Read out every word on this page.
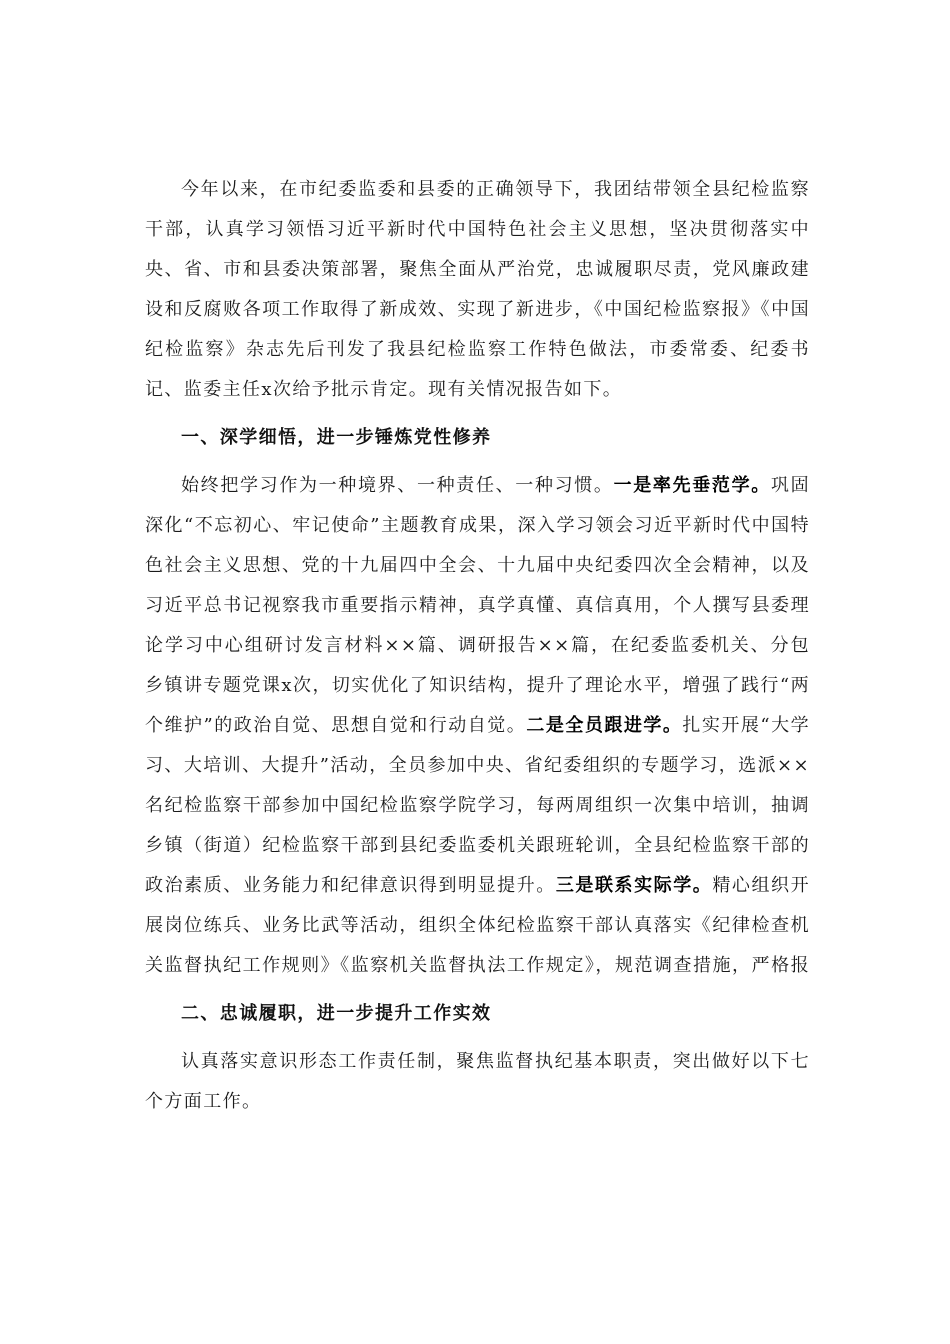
今年以来，在市纪委监委和县委的正确领导下，我团结带领全县纪检监察干部，认真学习领悟习近平新时代中国特色社会主义思想，坚决贯彻落实中央、省、市和县委决策部署，聚焦全面从严治党，忠诚履职尽责，党风廉政建设和反腐败各项工作取得了新成效、实现了新进步，《中国纪检监察报》《中国纪检监察》杂志先后刊发了我县纪检监察工作特色做法，市委常委、纪委书记、监委主任x次给予批示肯定。现有关情况报告如下。

一、深学细悟，进一步锤炼党性修养

始终把学习作为一种境界、一种责任、一种习惯。一是率先垂范学。巩固深化“不忘初心、牢记使命”主题教育成果，深入学习领会习近平新时代中国特色社会主义思想、党的十九届四中全会、十九届中央纪委四次全会精神，以及习近平总书记视察我市重要指示精神，真学真懂、真信真用，个人撰写县委理论学习中心组研讨发言材料××篇、调研报告××篇，在纪委监委机关、分包乡镇讲专题党课x次，切实优化了知识结构，提升了理论水平，增强了践行“两个维护”的政治自觉、思想自觉和行动自觉。二是全员跟进学。扎实开展“大学习、大培训、大提升”活动，全员参加中央、省纪委组织的专题学习，选派××名纪检监察干部参加中国纪检监察学院学习，每两周组织一次集中培训，抽调乡镇（街道）纪检监察干部到县纪委监委机关跟班轮训，全县纪检监察干部的政治素质、业务能力和纪律意识得到明显提升。三是联系实际学。精心组织开展岗位练兵、业务比武等活动，组织全体纪检监察干部认真落实《纪律检查机关监督执纪工作规则》《监察机关监督执法工作规定》，规范调查措施，严格报

二、忠诚履职，进一步提升工作实效

认真落实意识形态工作责任制，聚焦监督执纪基本职责，突出做好以下七个方面工作。
